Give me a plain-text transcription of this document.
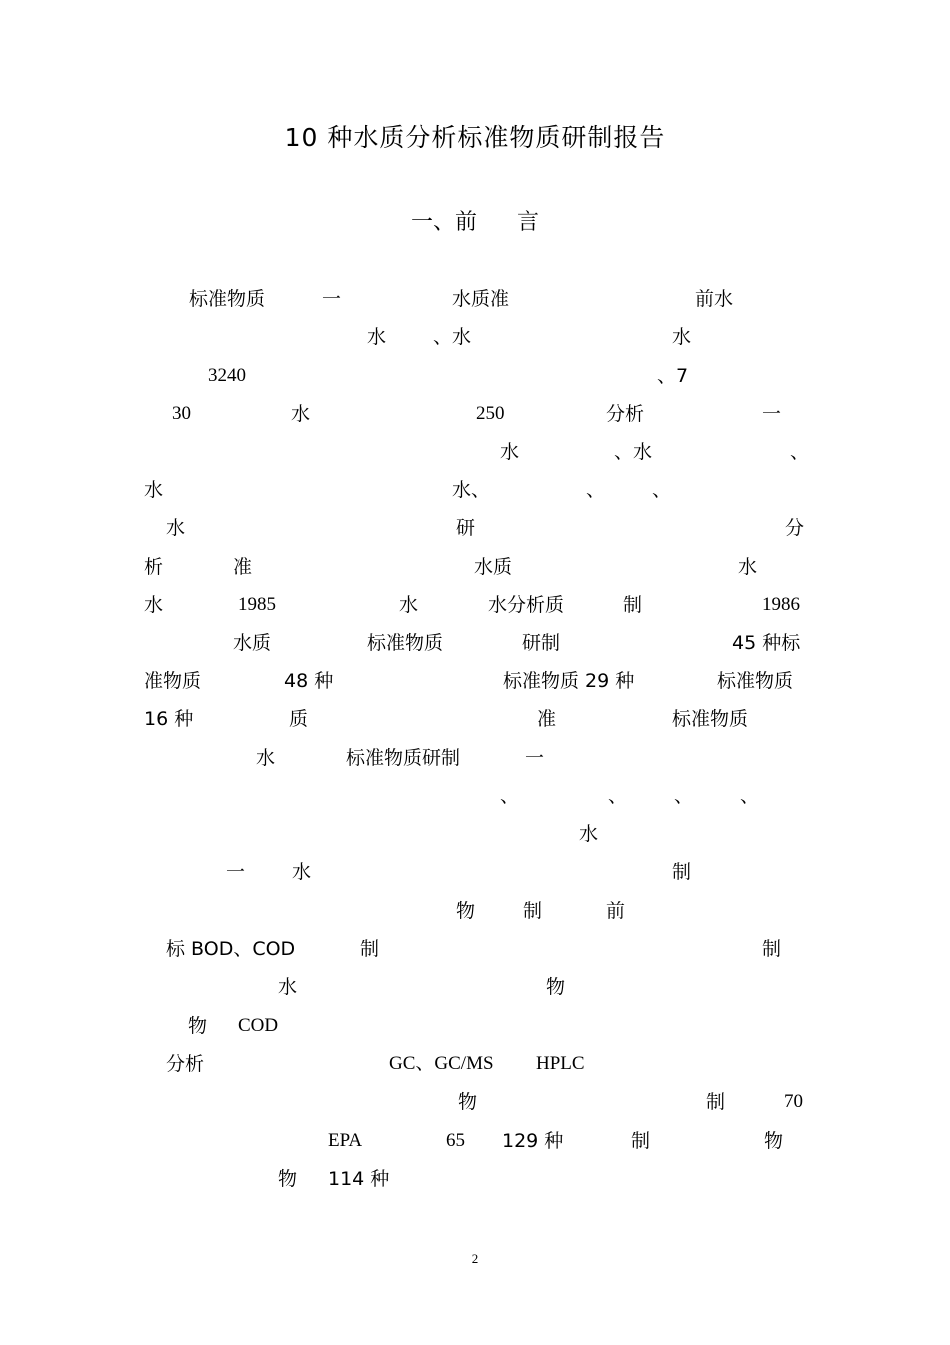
10 种水质分析标准物质研制报告
一、前 言
标准物质	一	水质准	前水
水 、水	水
3240	、7
30	水	250	分析	一
水	、水	、
水	水、	、 、
水	研	分
析	准	水质	水
水	1985	水	水分析质	制	1986
水质	标准物质	研制	45 种标
准物质	48 种	标准物质 29 种	标准物质
16 种	质	准	标准物质
水	标准物质研制	一
、	、 、 、
水
一 水	制
物	制	前
标 BOD、COD	制	制
水	物
物 COD
分析	GC、GC/MS HPLC
物	制	70
EPA	65 129 种	制	物
物 114 种
2
